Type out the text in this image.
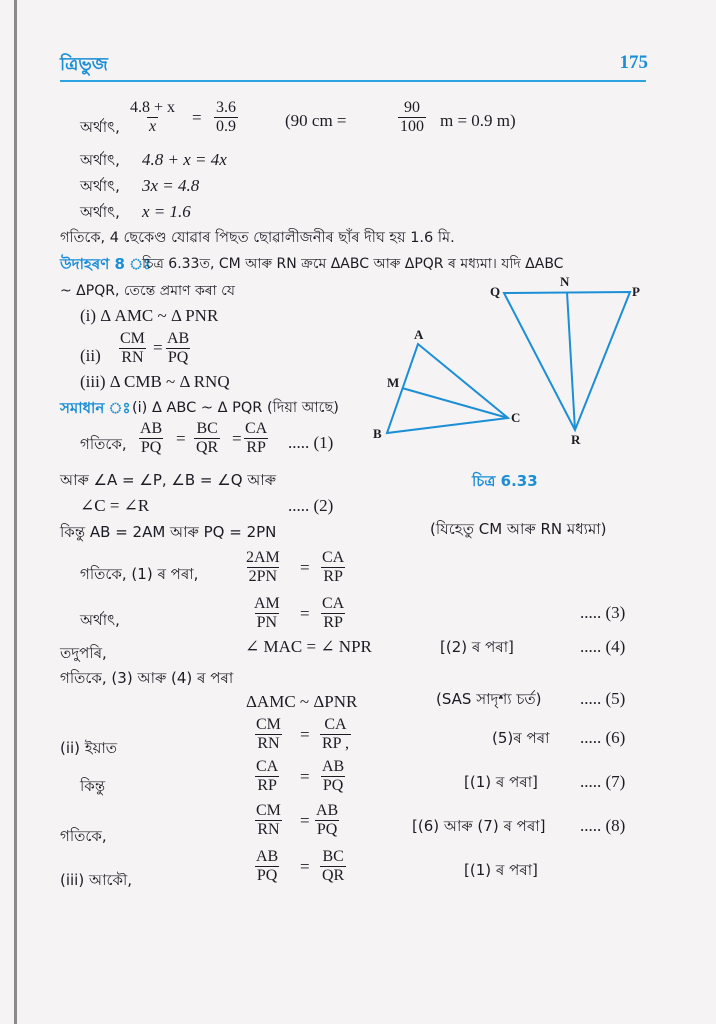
ত্ৰিভুজ	175
অৰ্থাৎ, $\frac{4.8 + x}{x} = \frac{3.6}{0.9}$	(90 cm =	$\frac{90}{100}$ m = 0.9 m)
অৰ্থাৎ, 4.8 + x = 4x
অৰ্থাৎ, 3x = 4.8
অৰ্থাৎ, x = 1.6
গতিকে, 4 ছেকেণ্ড যোৱাৰ পিছত ছোৱালীজনীৰ ছাঁৰ দীঘ হয় 1.6 মি.
উদাহৰণ 8 ঃ
চিত্ৰ 6.33ত, CM আৰু RN ক্ৰমে ΔABC আৰু ΔPQR ৰ মধ্যমা। যদি ΔABC
~ ΔPQR, তেন্তে প্ৰমাণ কৰা যে
(i) Δ AMC ~ Δ PNR
$(ii) \frac{CM}{RN} = \frac{AB}{PQ}$
(iii) Δ CMB ~ Δ RNQ
A
B
C
M
Q
N
P
R
চিত্ৰ 6.33
সমাধান ঃ (i) Δ ABC ~ Δ PQR (দিয়া আছে)
গতিকে, $\frac{AB}{PQ} = \frac{BC}{QR} = \frac{CA}{RP}$ ..... (1)
আৰু ∠A = ∠P, ∠B = ∠Q আৰু
∠C = ∠R	..... (2)
কিন্তু AB = 2AM আৰু PQ = 2PN	(যিহেতু CM আৰু RN মধ্যমা)
গতিকে, (1) ৰ পৰা,	$\frac{2AM}{2PN} = \frac{CA}{RP}$
অৰ্থাৎ,	$\frac{AM}{PN} = \frac{CA}{RP}$	..... (3)
তদুপৰি,	∠ MAC = ∠ NPR	[(2) ৰ পৰা]	..... (4)
গতিকে, (3) আৰু (4) ৰ পৰা
ΔAMC ~ ΔPNR	(SAS সাদৃশ্য চৰ্ত) ..... (5)
(ii) ইয়াত	$\frac{CM}{RN} = \frac{CA}{RP ,}$	(5)ৰ পৰা ..... (6)
কিন্তু	$\frac{CA}{RP} = \frac{AB}{PQ}$	[(1) ৰ পৰা] ..... (7)
গতিকে,	$\frac{CM}{RN} = \frac{AB}{PQ}$	[(6) আৰু (7) ৰ পৰা] ..... (8)
(iii) আকৌ,	$\frac{AB}{PQ} = \frac{BC}{QR}$	[(1) ৰ পৰা]
